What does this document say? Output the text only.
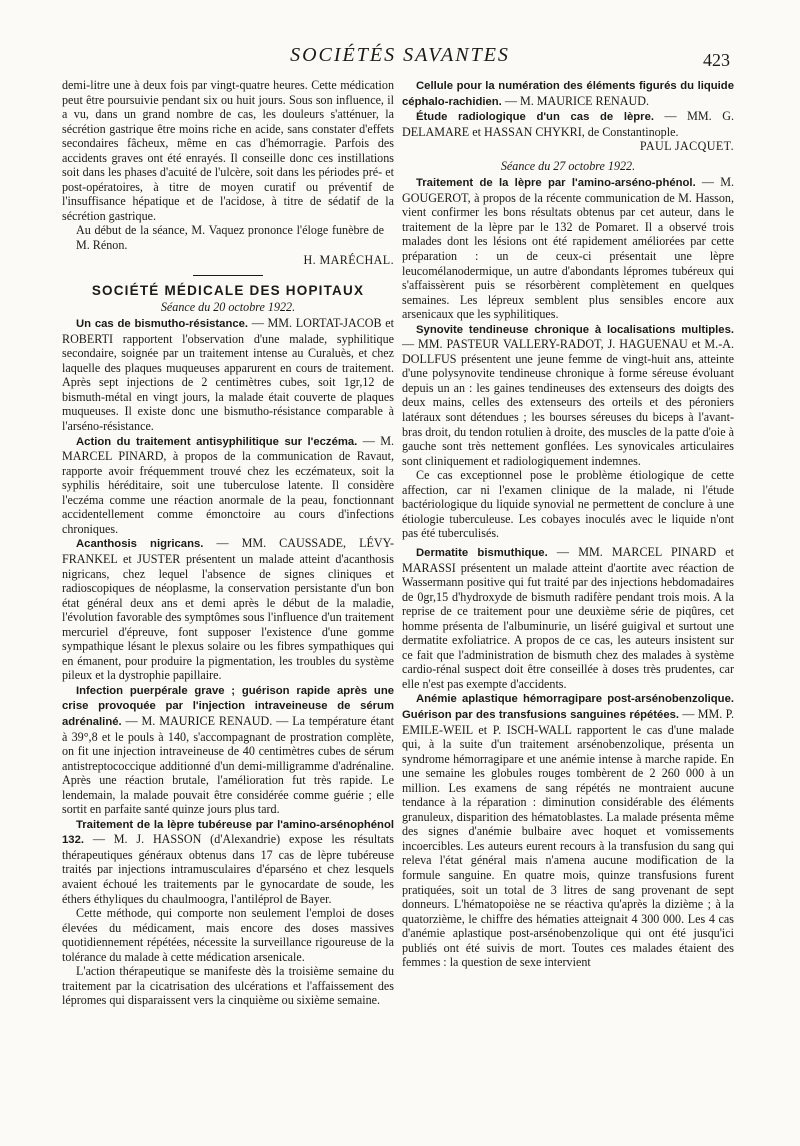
SOCIÉTÉS SAVANTES	423

demi-litre une à deux fois par vingt-quatre heures. Cette médication peut être poursuivie pendant six ou huit jours. Sous son influence, il a vu, dans un grand nombre de cas, les douleurs s'atténuer, la sécrétion gastrique être moins riche en acide, sans constater d'effets secondaires fâcheux, même en cas d'hémorragie. Parfois des accidents graves ont été enrayés. Il conseille donc ces instillations soit dans les phases d'acuité de l'ulcère, soit dans les périodes pré- et post-opératoires, à titre de moyen curatif ou préventif de l'insuffisance hépatique et de l'acidose, à titre de sédatif de la sécrétion gastrique.

Au début de la séance, M. Vaquez prononce l'éloge funèbre de M. Rénon.
H. MARÉCHAL.
SOCIÉTÉ MÉDICALE DES HOPITAUX
Séance du 20 octobre 1922.

Un cas de bismutho-résistance. — MM. LORTAT-JACOB et ROBERTI rapportent l'observation d'une malade, syphilitique secondaire, soignée par un traitement intense au Curaluès, et chez laquelle des plaques muqueuses apparurent en cours de traitement. Après sept injections de 2 centimètres cubes, soit 1gr,12 de bismuth-métal en vingt jours, la malade était couverte de plaques muqueuses. Il existe donc une bismutho-résistance comparable à l'arséno-résistance.

Action du traitement antisyphilitique sur l'eczéma. — M. MARCEL PINARD, à propos de la communication de Ravaut, rapporte avoir fréquemment trouvé chez les eczémateux, soit la syphilis héréditaire, soit une tuberculose latente. Il considère l'eczéma comme une réaction anormale de la peau, fonctionnant accidentellement comme émonctoire au cours d'infections chroniques.

Acanthosis nigricans. — MM. CAUSSADE, LÉVY-FRANKEL et JUSTER présentent un malade atteint d'acanthosis nigricans, chez lequel l'absence de signes cliniques et radioscopiques de néoplasme, la conservation persistante d'un bon état général deux ans et demi après le début de la maladie, l'évolution favorable des symptômes sous l'influence d'un traitement mercuriel d'épreuve, font supposer l'existence d'une gomme sympathique lésant le plexus solaire ou les fibres sympathiques qui en émanent, pour produire la pigmentation, les troubles du système pileux et la dystrophie papillaire.

Infection puerpérale grave ; guérison rapide après une crise provoquée par l'injection intraveineuse de sérum adrénaliné. — M. MAURICE RENAUD. — La température étant à 39°,8 et le pouls à 140, s'accompagnant de prostration complète, on fit une injection intraveineuse de 40 centimètres cubes de sérum antistreptococcique additionné d'un demi-milligramme d'adrénaline. Après une réaction brutale, l'amélioration fut très rapide. Le lendemain, la malade pouvait être considérée comme guérie ; elle sortit en parfaite santé quinze jours plus tard.

Traitement de la lèpre tubéreuse par l'amino-arsénophénol 132. — M. J. HASSON (d'Alexandrie) expose les résultats thérapeutiques généraux obtenus dans 17 cas de lèpre tubéreuse traités par injections intramusculaires d'éparséno et chez lesquels avaient échoué les traitements par le gynocardate de soude, les éthers éthyliques du chaulmoogra, l'antiléprol de Bayer.

Cette méthode, qui comporte non seulement l'emploi de doses élevées du médicament, mais encore des doses massives quotidiennement répétées, nécessite la surveillance rigoureuse de la tolérance du malade à cette médication arsenicale.

L'action thérapeutique se manifeste dès la troisième semaine du traitement par la cicatrisation des ulcérations et l'affaissement des lépromes qui disparaissent vers la cinquième ou sixième semaine.

Cellule pour la numération des éléments figurés du liquide céphalo-rachidien. — M. MAURICE RENAUD.

Étude radiologique d'un cas de lèpre. — MM. G. DELAMARE et HASSAN CHYKRI, de Constantinople.

PAUL JACQUET.
Séance du 27 octobre 1922.

Traitement de la lèpre par l'amino-arséno-phénol. — M. GOUGEROT, à propos de la récente communication de M. Hasson, vient confirmer les bons résultats obtenus par cet auteur, dans le traitement de la lèpre par le 132 de Pomaret. Il a observé trois malades dont les lésions ont été rapidement améliorées par cette préparation : un de ceux-ci présentait une lèpre leucomélanodermique, un autre d'abondants lépromes tubéreux qui s'affaissèrent puis se résorbèrent complètement en quelques semaines. Les lépreux semblent plus sensibles encore aux arsenicaux que les syphilitiques.

Synovite tendineuse chronique à localisations multiples. — MM. PASTEUR VALLERY-RADOT, J. HAGUENAU et M.-A. DOLLFUS présentent une jeune femme de vingt-huit ans, atteinte d'une polysynovite tendineuse chronique à forme séreuse évoluant depuis un an : les gaines tendineuses des extenseurs des doigts des deux mains, celles des extenseurs des orteils et des péroniers latéraux sont détendues ; les bourses séreuses du biceps à l'avant-bras droit, du tendon rotulien à droite, des muscles de la patte d'oie à gauche sont très nettement gonflées. Les synovicales articulaires sont cliniquement et radiologiquement indemnes.

Ce cas exceptionnel pose le problème étiologique de cette affection, car ni l'examen clinique de la malade, ni l'étude bactériologique du liquide synovial ne permettent de conclure à une étiologie tuberculeuse. Les cobayes inoculés avec le liquide n'ont pas été tuberculisés.

Dermatite bismuthique. — MM. MARCEL PINARD et MARASSI présentent un malade atteint d'aortite avec réaction de Wassermann positive qui fut traité par des injections hebdomadaires de 0gr,15 d'hydroxyde de bismuth radifère pendant trois mois. A la reprise de ce traitement pour une deuxième série de piqûres, cet homme présenta de l'albuminurie, un liséré guigival et surtout une dermatite exfoliatrice. A propos de ce cas, les auteurs insistent sur ce fait que l'administration de bismuth chez des malades à système cardio-rénal suspect doit être conseillée à doses très prudentes, car elle n'est pas exempte d'accidents.

Anémie aplastique hémorragipare post-arsénobenzolique. Guérison par des transfusions sanguines répétées. — MM. P. EMILE-WEIL et P. ISCH-WALL rapportent le cas d'une malade qui, à la suite d'un traitement arsénobenzolique, présenta un syndrome hémorragipare et une anémie intense à marche rapide. En une semaine les globules rouges tombèrent de 2 260 000 à un million. Les examens de sang répétés ne montraient aucune tendance à la réparation : diminution considérable des éléments granuleux, disparition des hématoblastes. La malade présenta même des signes d'anémie bulbaire avec hoquet et vomissements incoercibles. Les auteurs eurent recours à la transfusion du sang qui releva l'état général mais n'amena aucune modification de la formule sanguine. En quatre mois, quinze transfusions furent pratiquées, soit un total de 3 litres de sang provenant de sept donneurs. L'hématopoièse ne se réactiva qu'après la dizième ; à la quatorzième, le chiffre des hématies atteignait 4 300 000. Les 4 cas d'anémie aplastique post-arsénobenzolique qui ont été jusqu'ici publiés ont été suivis de mort. Toutes ces malades étaient des femmes : la question de sexe intervient
